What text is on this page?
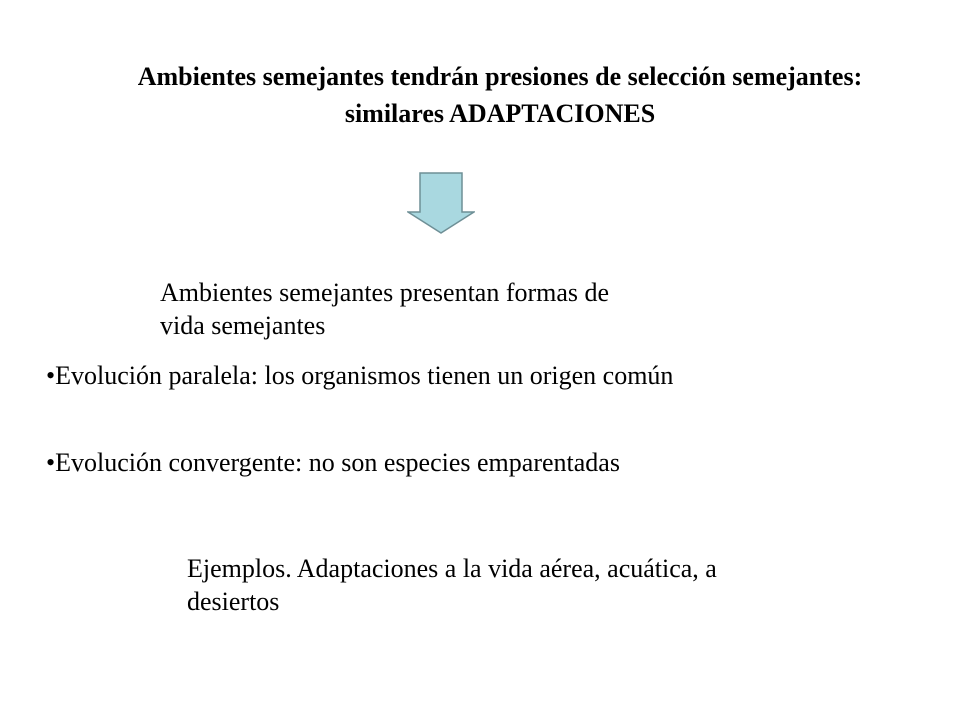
Ambientes semejantes tendrán presiones de selección semejantes:
similares ADAPTACIONES
Ambientes semejantes presentan formas de
vida semejantes
•Evolución paralela: los organismos tienen un origen común
•Evolución convergente: no son especies emparentadas
Ejemplos. Adaptaciones a la vida aérea, acuática, a
desiertos
